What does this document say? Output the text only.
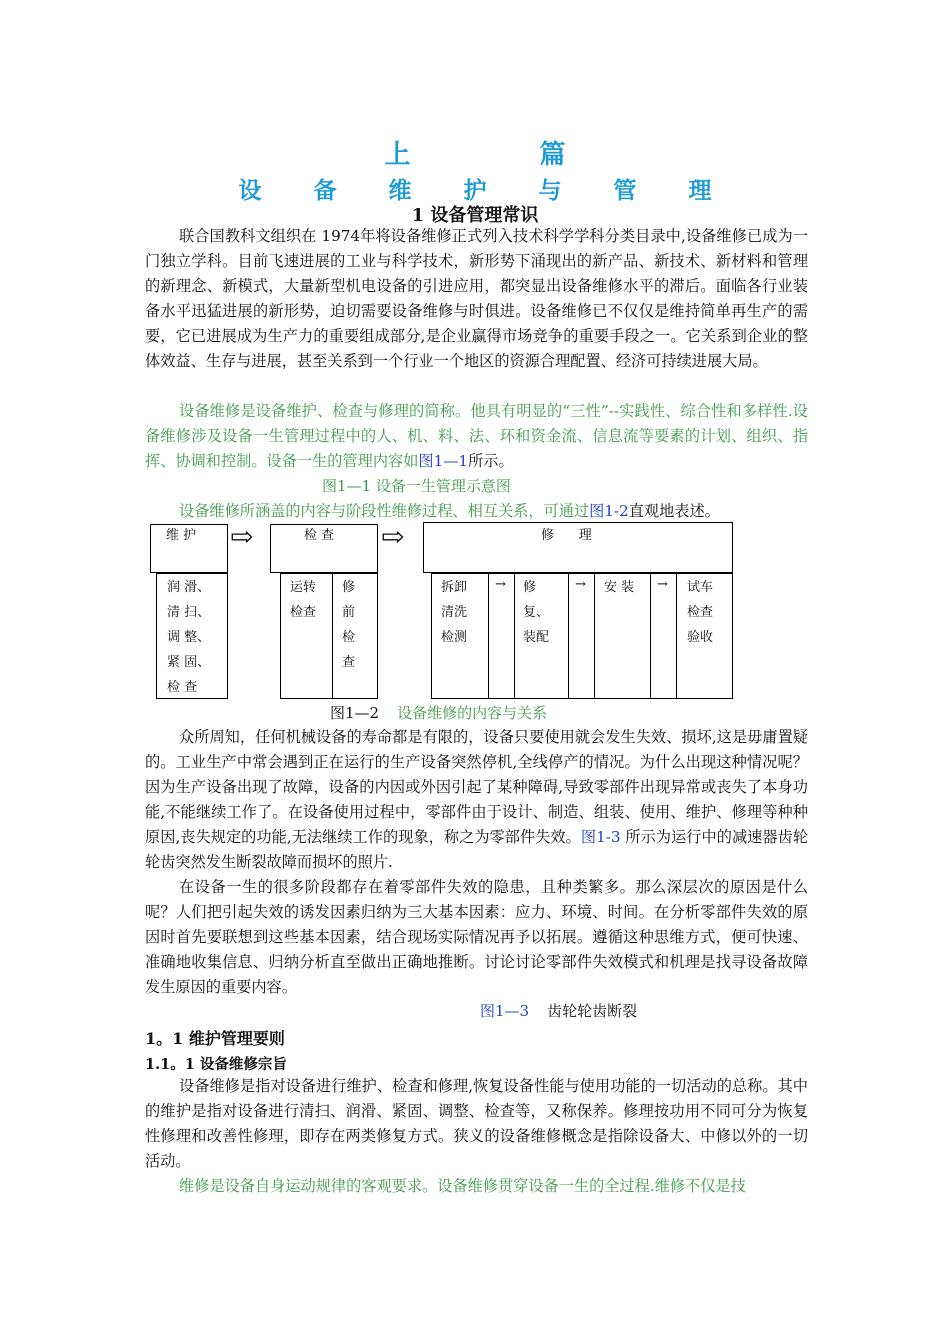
上 篇
设 备 维 护 与 管 理
1 设备管理常识

联合国教科文组织在 1974年将设备维修正式列入技术科学学科分类目录中,设备维修已成为一门独立学科。目前飞速进展的工业与科学技术，新形势下涌现出的新产品、新技术、新材料和管理的新理念、新模式，大量新型机电设备的引进应用，都突显出设备维修水平的滞后。面临各行业装备水平迅猛进展的新形势，迫切需要设备维修与时俱进。设备维修已不仅仅是维持简单再生产的需要，它已进展成为生产力的重要组成部分,是企业赢得市场竞争的重要手段之一。它关系到企业的整体效益、生存与进展，甚至关系到一个行业一个地区的资源合理配置、经济可持续进展大局。

设备维修是设备维护、检查与修理的简称。他具有明显的“三性”--实践性、综合性和多样性.设备维修涉及设备一生管理过程中的人、机、料、法、环和资金流、信息流等要素的计划、组织、指挥、协调和控制。设备一生的管理内容如图1—1所示。

图1—1 设备一生管理示意图

设备维修所涵盖的内容与阶段性维修过程、相互关系，可通过图1-2直观地表述。

维 护
润 滑、
清 扫、
调 整、
紧 固、
检 查
⇨	检 查
运转
检查
修
前
检
查
⇨	修      理
拆卸
清洗
检测
→ 修
复、
装配
→ 安 装 → 试车
检查
验收
图1—2 设备维修的内容与关系

众所周知，任何机械设备的寿命都是有限的，设备只要使用就会发生失效、损坏,这是毋庸置疑的。工业生产中常会遇到正在运行的生产设备突然停机,全线停产的情况。为什么出现这种情况呢？因为生产设备出现了故障，设备的内因或外因引起了某种障碍,导致零部件出现异常或丧失了本身功能,不能继续工作了。在设备使用过程中，零部件由于设计、制造、组装、使用、维护、修理等种种原因,丧失规定的功能,无法继续工作的现象，称之为零部件失效。图1-3 所示为运行中的减速器齿轮轮齿突然发生断裂故障而损坏的照片.

在设备一生的很多阶段都存在着零部件失效的隐患，且种类繁多。那么深层次的原因是什么呢？人们把引起失效的诱发因素归纳为三大基本因素：应力、环境、时间。在分析零部件失效的原因时首先要联想到这些基本因素，结合现场实际情况再予以拓展。遵循这种思维方式，便可快速、准确地收集信息、归纳分析直至做出正确地推断。讨论讨论零部件失效模式和机理是找寻设备故障发生原因的重要内容。

图1—3 齿轮轮齿断裂
1。1 维护管理要则
1.1。1 设备维修宗旨

设备维修是指对设备进行维护、检查和修理,恢复设备性能与使用功能的一切活动的总称。其中的维护是指对设备进行清扫、润滑、紧固、调整、检查等，又称保养。修理按功用不同可分为恢复性修理和改善性修理，即存在两类修复方式。狭义的设备维修概念是指除设备大、中修以外的一切活动。

维修是设备自身运动规律的客观要求。设备维修贯穿设备一生的全过程.维修不仅是技
